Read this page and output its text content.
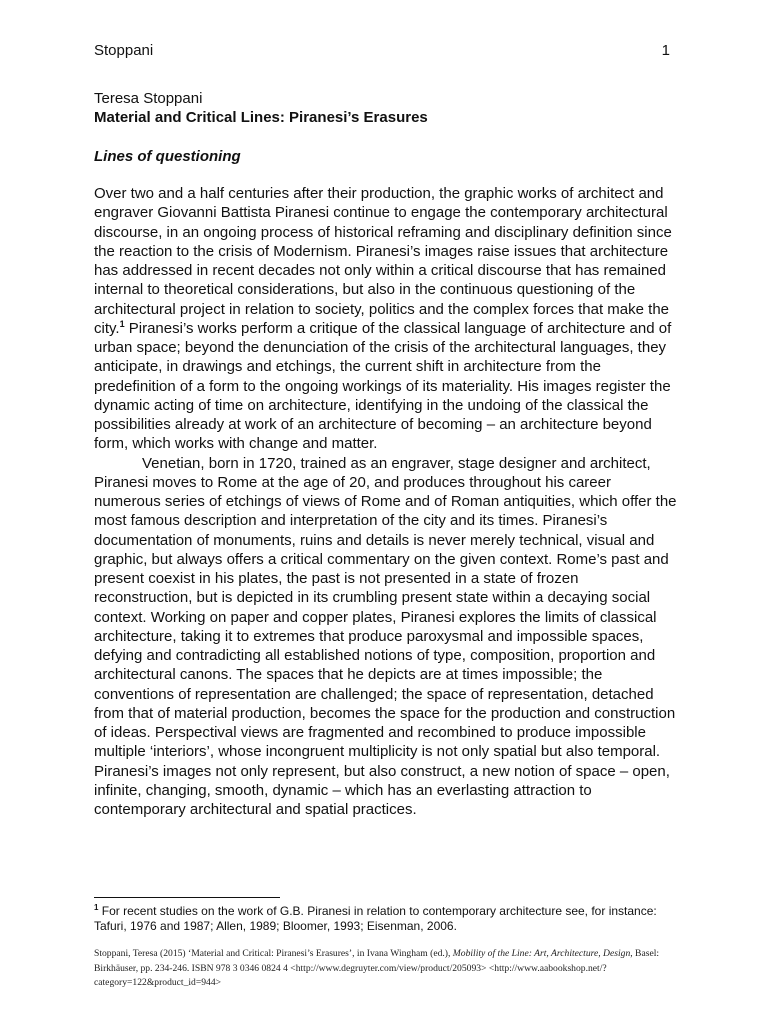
Stoppani	1
Teresa Stoppani
Material and Critical Lines: Piranesi’s Erasures
Lines of questioning

Over two and a half centuries after their production, the graphic works of architect and engraver Giovanni Battista Piranesi continue to engage the contemporary architectural discourse, in an ongoing process of historical reframing and disciplinary definition since the reaction to the crisis of Modernism. Piranesi’s images raise issues that architecture has addressed in recent decades not only within a critical discourse that has remained internal to theoretical considerations, but also in the continuous questioning of the architectural project in relation to society, politics and the complex forces that make the city.$^1$ Piranesi’s works perform a critique of the classical language of architecture and of urban space; beyond the denunciation of the crisis of the architectural languages, they anticipate, in drawings and etchings, the current shift in architecture from the predefinition of a form to the ongoing workings of its materiality. His images register the dynamic acting of time on architecture, identifying in the undoing of the classical the possibilities already at work of an architecture of becoming – an architecture beyond form, which works with change and matter.

Venetian, born in 1720, trained as an engraver, stage designer and architect, Piranesi moves to Rome at the age of 20, and produces throughout his career numerous series of etchings of views of Rome and of Roman antiquities, which offer the most famous description and interpretation of the city and its times. Piranesi’s documentation of monuments, ruins and details is never merely technical, visual and graphic, but always offers a critical commentary on the given context. Rome’s past and present coexist in his plates, the past is not presented in a state of frozen reconstruction, but is depicted in its crumbling present state within a decaying social context. Working on paper and copper plates, Piranesi explores the limits of classical architecture, taking it to extremes that produce paroxysmal and impossible spaces, defying and contradicting all established notions of type, composition, proportion and architectural canons. The spaces that he depicts are at times impossible; the conventions of representation are challenged; the space of representation, detached from that of material production, becomes the space for the production and construction of ideas. Perspectival views are fragmented and recombined to produce impossible multiple ‘interiors’, whose incongruent multiplicity is not only spatial but also temporal. Piranesi’s images not only represent, but also construct, a new notion of space – open, infinite, changing, smooth, dynamic – which has an everlasting attraction to contemporary architectural and spatial practices.

$^1$ For recent studies on the work of G.B. Piranesi in relation to contemporary architecture see, for instance: Tafuri, 1976 and 1987; Allen, 1989; Bloomer, 1993; Eisenman, 2006.
Stoppani, Teresa (2015) ‘Material and Critical: Piranesi’s Erasures’, in Ivana Wingham (ed.), Mobility of the Line: Art, Architecture, Design, Basel: Birkhäuser, pp. 234-246. ISBN 978 3 0346 0824 4 <http://www.degruyter.com/view/product/205093> <http://www.aabookshop.net/?category=122&product_id=944>
